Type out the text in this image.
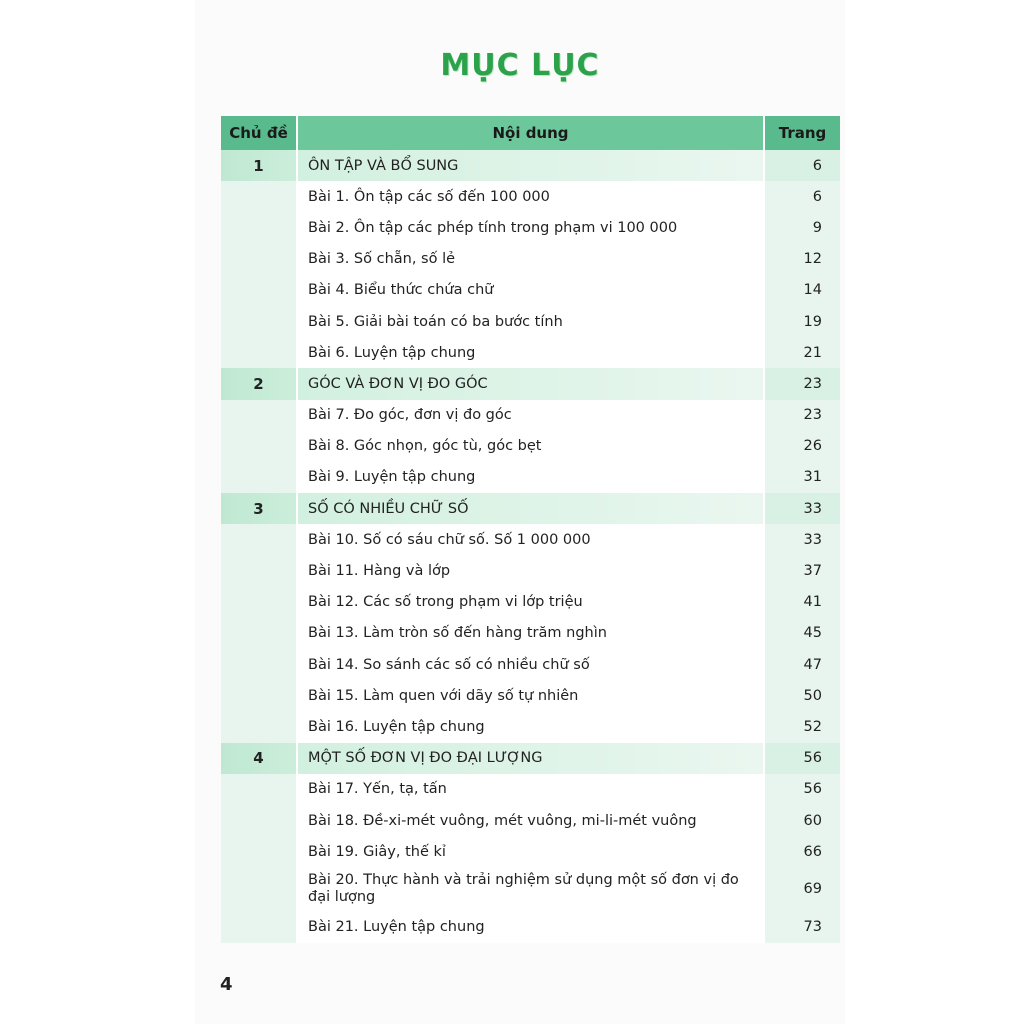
MỤC LỤC
Chủ đề	Nội dung	Trang
1	ÔN TẬP VÀ BỔ SUNG	6
	Bài 1. Ôn tập các số đến 100 000	6
	Bài 2. Ôn tập các phép tính trong phạm vi 100 000	9
	Bài 3. Số chẵn, số lẻ	12
	Bài 4. Biểu thức chứa chữ	14
	Bài 5. Giải bài toán có ba bước tính	19
	Bài 6. Luyện tập chung	21
2	GÓC VÀ ĐƠN VỊ ĐO GÓC	23
	Bài 7. Đo góc, đơn vị đo góc	23
	Bài 8. Góc nhọn, góc tù, góc bẹt	26
	Bài 9. Luyện tập chung	31
3	SỐ CÓ NHIỀU CHỮ SỐ	33
	Bài 10. Số có sáu chữ số. Số 1 000 000	33
	Bài 11. Hàng và lớp	37
	Bài 12. Các số trong phạm vi lớp triệu	41
	Bài 13. Làm tròn số đến hàng trăm nghìn	45
	Bài 14. So sánh các số có nhiều chữ số	47
	Bài 15. Làm quen với dãy số tự nhiên	50
	Bài 16. Luyện tập chung	52
4	MỘT SỐ ĐƠN VỊ ĐO ĐẠI LƯỢNG	56
	Bài 17. Yến, tạ, tấn	56
	Bài 18. Đề-xi-mét vuông, mét vuông, mi-li-mét vuông	60
	Bài 19. Giây, thế kỉ	66
	Bài 20. Thực hành và trải nghiệm sử dụng một số đơn vị đo đại lượng	69
	Bài 21. Luyện tập chung	73
4
